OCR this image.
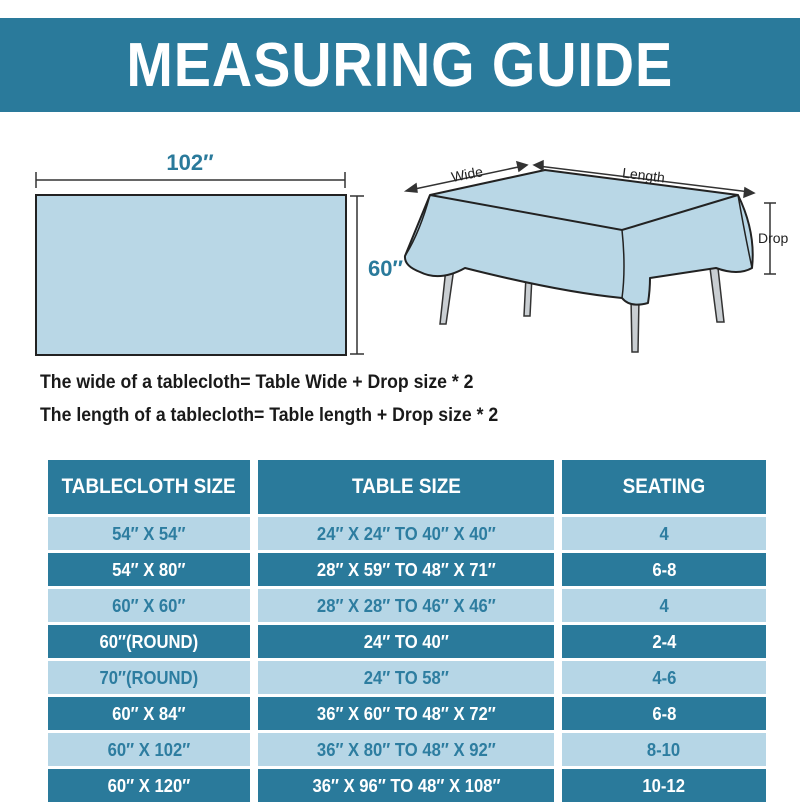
MEASURING GUIDE
102″
60″
Wide	Length
Drop
The wide of a tablecloth= Table Wide + Drop size * 2
The length of a tablecloth= Table length + Drop size * 2
TABLECLOTH SIZE	TABLE SIZE	SEATING
54″ X 54″	24″ X 24″ TO 40″ X 40″	4
54″ X 80″	28″ X 59″ TO 48″ X 71″	6-8
60″ X 60″	28″ X 28″ TO 46″ X 46″	4
60″(ROUND)	24″ TO 40″	2-4
70″(ROUND)	24″ TO 58″	4-6
60″ X 84″	36″ X 60″ TO 48″ X 72″	6-8
60″ X 102″	36″ X 80″ TO 48″ X 92″	8-10
60″ X 120″	36″ X 96″ TO 48″ X 108″	10-12
